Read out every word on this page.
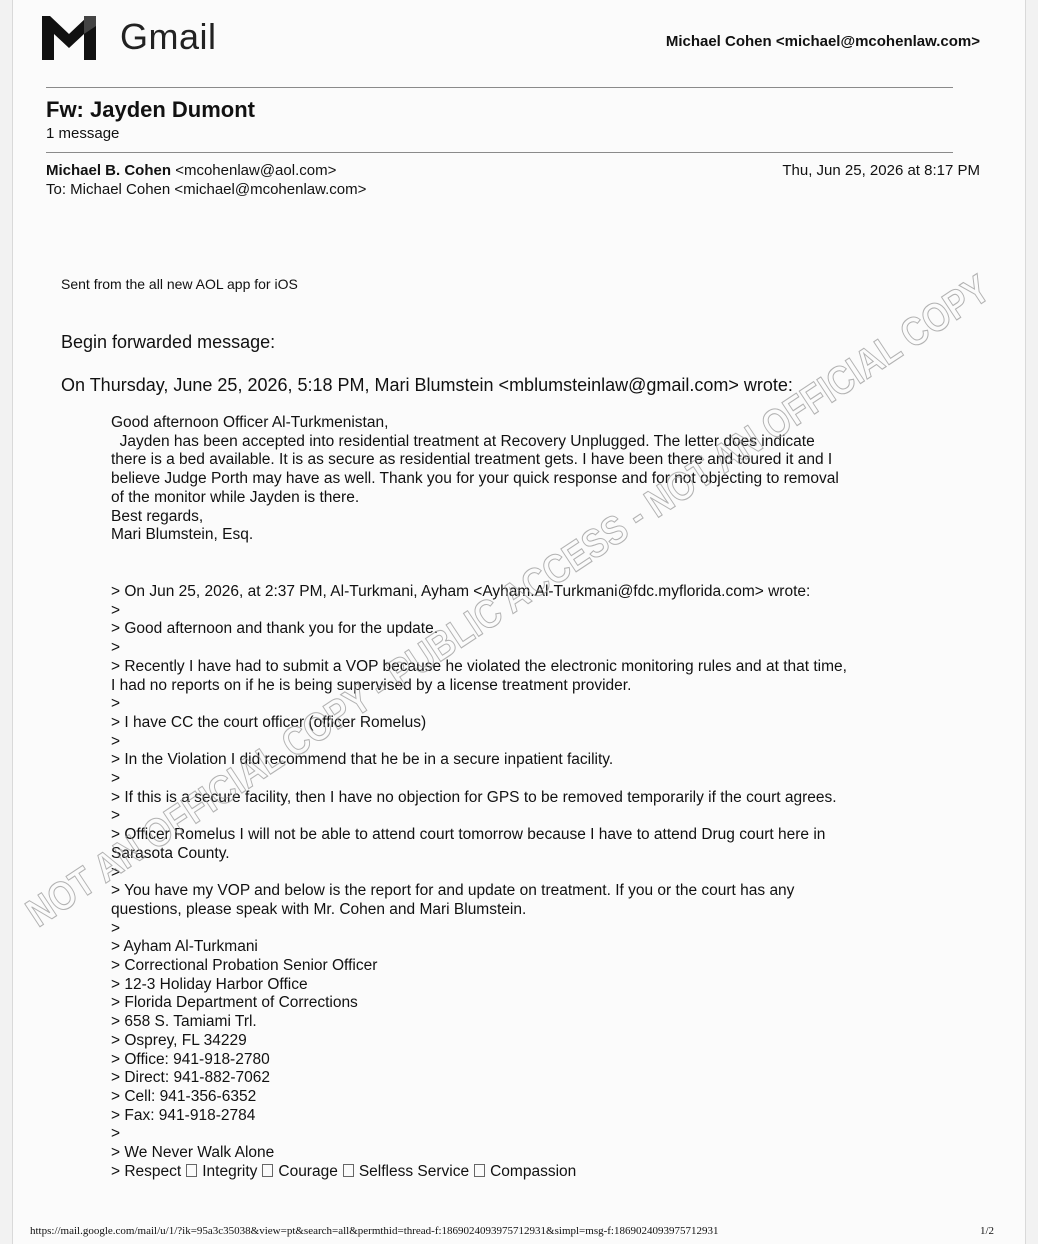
Gmail	Michael Cohen <michael@mcohenlaw.com>
Fw: Jayden Dumont
1 message
Michael B. Cohen <mcohenlaw@aol.com>
To: Michael Cohen <michael@mcohenlaw.com>
Thu, Jun 25, 2026 at 8:17 PM
Sent from the all new AOL app for iOS
Begin forwarded message:
On Thursday, June 25, 2026, 5:18 PM, Mari Blumstein <mblumsteinlaw@gmail.com> wrote:
Good afternoon Officer Al-Turkmenistan,
Jayden has been accepted into residential treatment at Recovery Unplugged. The letter does indicate
there is a bed available. It is as secure as residential treatment gets. I have been there and toured it and I
believe Judge Porth may have as well. Thank you for your quick response and for not objecting to removal
of the monitor while Jayden is there.
Best regards,
Mari Blumstein, Esq.
> On Jun 25, 2026, at 2:37 PM, Al-Turkmani, Ayham <Ayham.Al-Turkmani@fdc.myflorida.com> wrote:
>
> Good afternoon and thank you for the update.
>
> Recently I have had to submit a VOP because he violated the electronic monitoring rules and at that time,
I had no reports on if he is being supervised by a license treatment provider.
>
> I have CC the court officer (officer Romelus)
>
> In the Violation I did recommend that he be in a secure inpatient facility.
>
> If this is a secure facility, then I have no objection for GPS to be removed temporarily if the court agrees.
>
> Officer Romelus I will not be able to attend court tomorrow because I have to attend Drug court here in
Sarasota County.
>
> You have my VOP and below is the report for and update on treatment. If you or the court has any
questions, please speak with Mr. Cohen and Mari Blumstein.
>
> Ayham Al-Turkmani
> Correctional Probation Senior Officer
> 12-3 Holiday Harbor Office
> Florida Department of Corrections
> 658 S. Tamiami Trl.
> Osprey, FL 34229
> Office: 941-918-2780
> Direct: 941-882-7062
> Cell: 941-356-6352
> Fax: 941-918-2784
>
> We Never Walk Alone
> Respect Integrity Courage Selfless Service Compassion
https://mail.google.com/mail/u/1/?ik=95a3c35038&view=pt&search=all&permthid=thread-f:1869024093975712931&simpl=msg-f:1869024093975712931	1/2
